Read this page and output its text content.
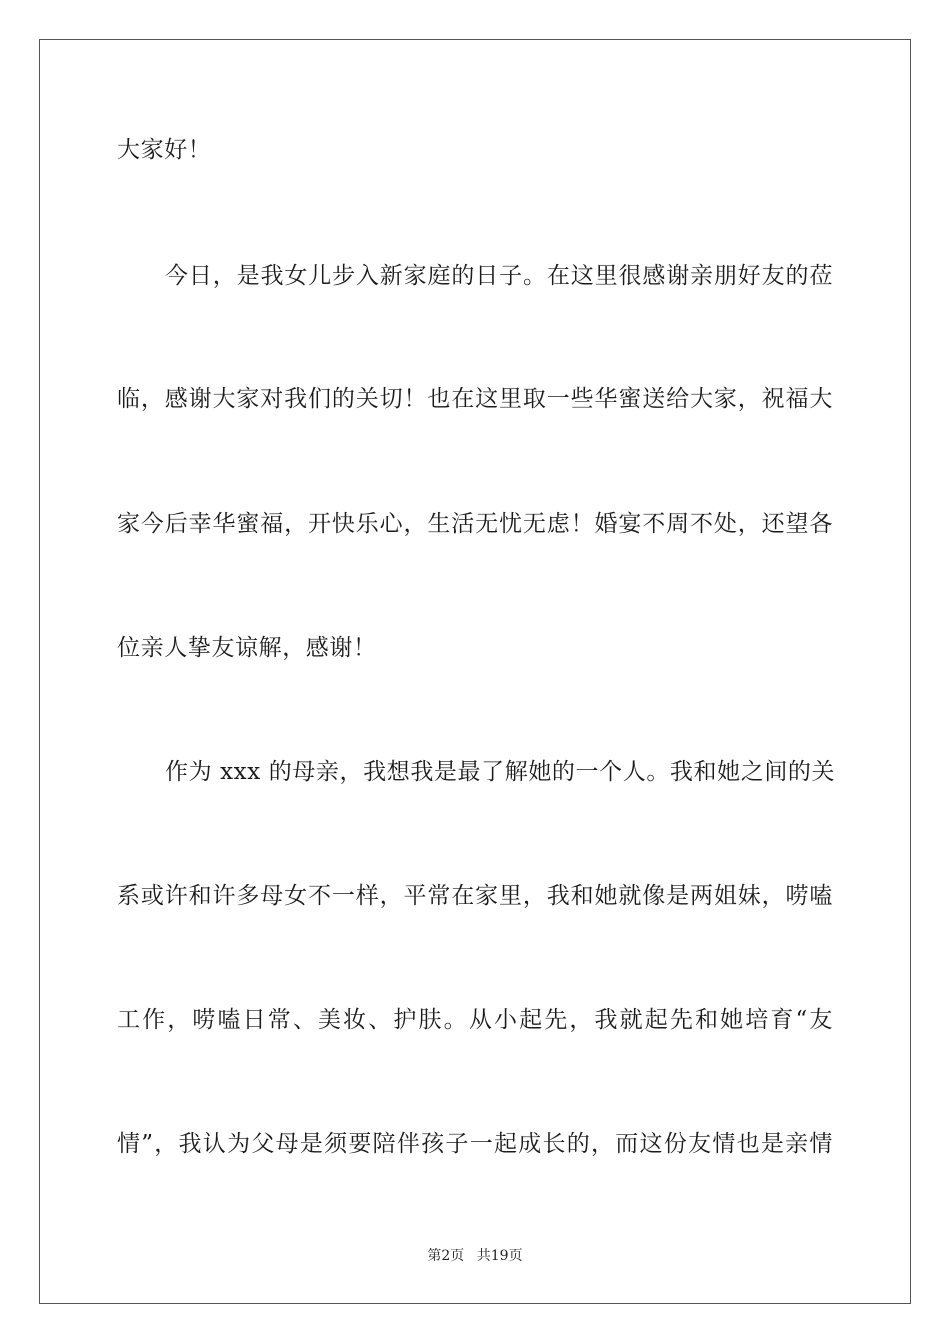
大家好！
今日，是我女儿步入新家庭的日子。在这里很感谢亲朋好友的莅
临，感谢大家对我们的关切！也在这里取一些华蜜送给大家，祝福大
家今后幸华蜜福，开快乐心，生活无忧无虑！婚宴不周不处，还望各
位亲人挚友谅解，感谢！
作为 xxx 的母亲，我想我是最了解她的一个人。我和她之间的关
系或许和许多母女不一样，平常在家里，我和她就像是两姐妹，唠嗑
工作，唠嗑日常、美妆、护肤。从小起先，我就起先和她培育“友
情”，我认为父母是须要陪伴孩子一起成长的，而这份友情也是亲情
第2页 共19页
